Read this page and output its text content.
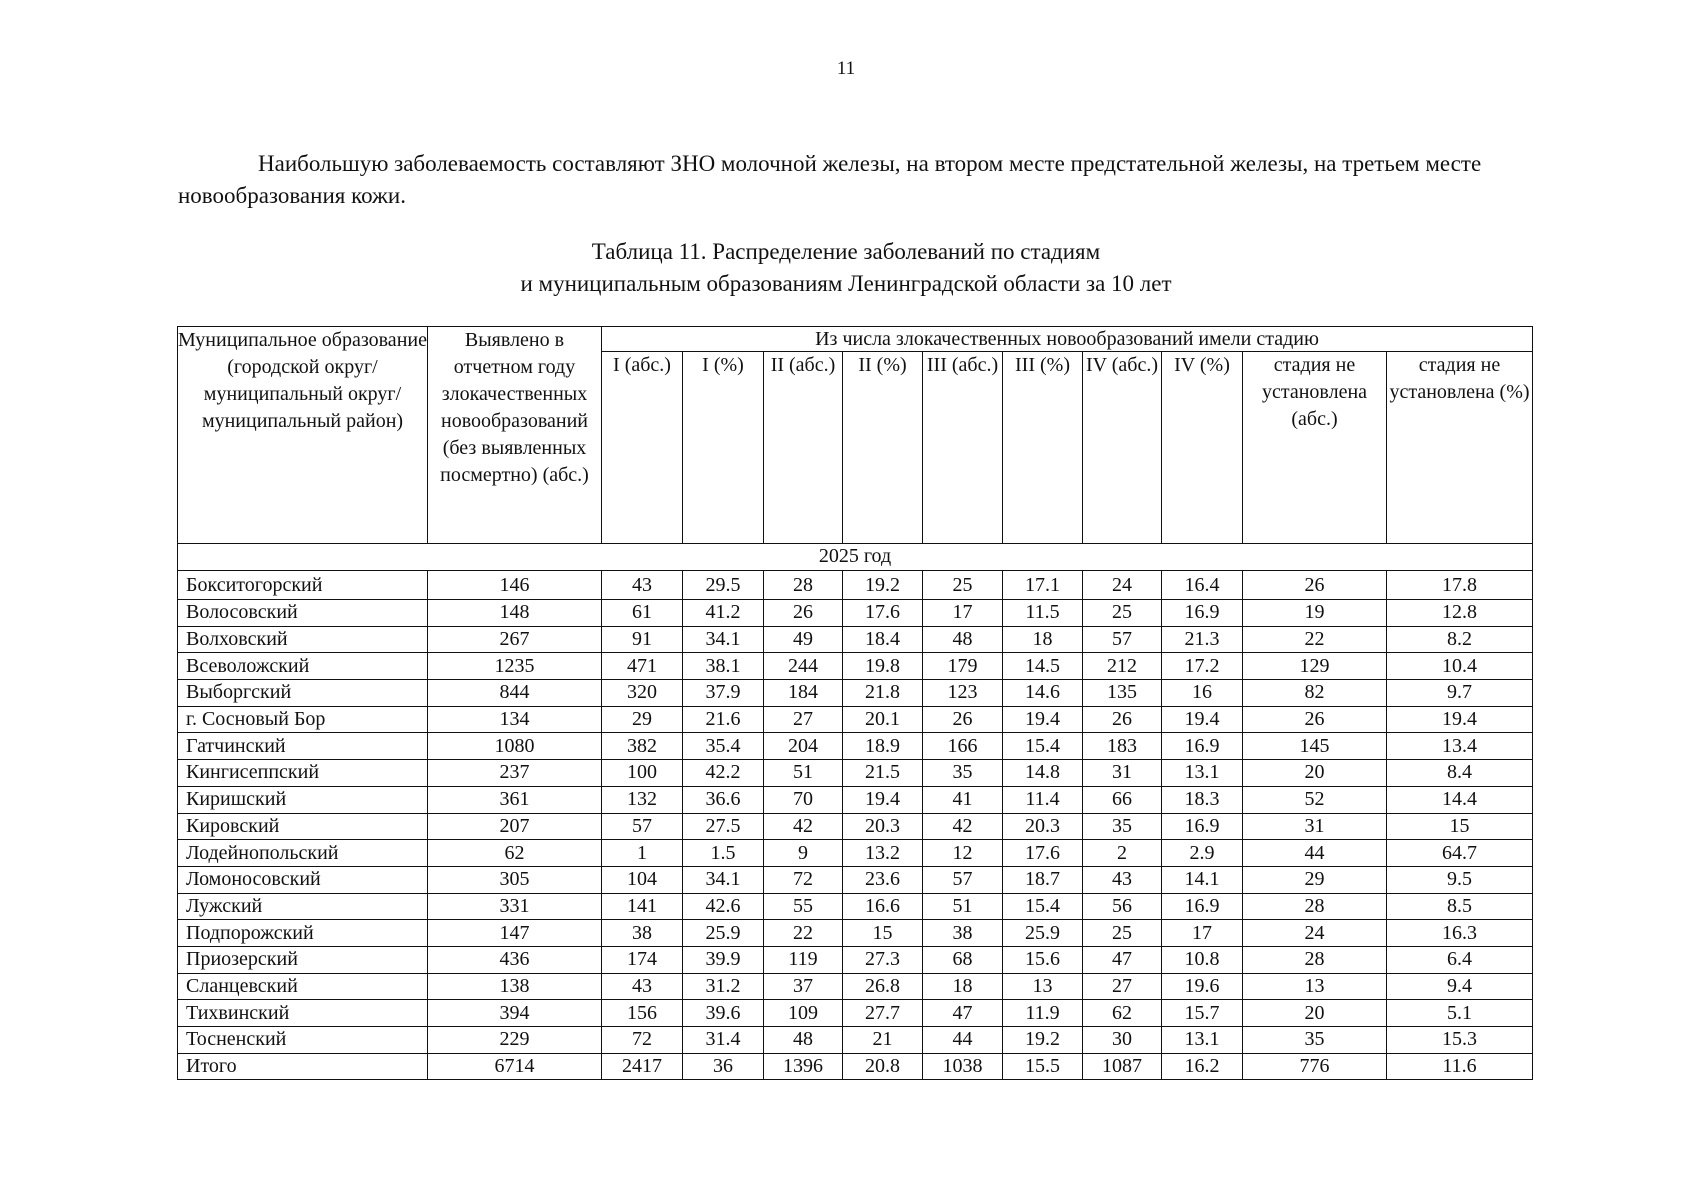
11

Наибольшую заболеваемость составляют ЗНО молочной железы, на втором месте предстательной железы, на третьем месте новообразования кожи.

Таблица 11. Распределение заболеваний по стадиям
и муниципальным образованиям Ленинградской области за 10 лет
Муниципальное образование (городской округ/ муниципальный округ/ муниципальный район)	Выявлено в отчетном году злокачественных новообразований (без выявленных посмертно) (абс.)	Из числа злокачественных новообразований имели стадию									
		I (абс.)	I (%)	II (абс.)	II (%)	III (абс.)	III (%)	IV (абс.)	IV (%)	стадия не установлена (абс.)	стадия не установлена (%)
2025 год											
Бокситогорский	146	43	29.5	28	19.2	25	17.1	24	16.4	26	17.8
Волосовский	148	61	41.2	26	17.6	17	11.5	25	16.9	19	12.8
Волховский	267	91	34.1	49	18.4	48	18	57	21.3	22	8.2
Всеволожский	1235	471	38.1	244	19.8	179	14.5	212	17.2	129	10.4
Выборгский	844	320	37.9	184	21.8	123	14.6	135	16	82	9.7
г. Сосновый Бор	134	29	21.6	27	20.1	26	19.4	26	19.4	26	19.4
Гатчинский	1080	382	35.4	204	18.9	166	15.4	183	16.9	145	13.4
Кингисеппский	237	100	42.2	51	21.5	35	14.8	31	13.1	20	8.4
Киришский	361	132	36.6	70	19.4	41	11.4	66	18.3	52	14.4
Кировский	207	57	27.5	42	20.3	42	20.3	35	16.9	31	15
Лодейнопольский	62	1	1.5	9	13.2	12	17.6	2	2.9	44	64.7
Ломоносовский	305	104	34.1	72	23.6	57	18.7	43	14.1	29	9.5
Лужский	331	141	42.6	55	16.6	51	15.4	56	16.9	28	8.5
Подпорожский	147	38	25.9	22	15	38	25.9	25	17	24	16.3
Приозерский	436	174	39.9	119	27.3	68	15.6	47	10.8	28	6.4
Сланцевский	138	43	31.2	37	26.8	18	13	27	19.6	13	9.4
Тихвинский	394	156	39.6	109	27.7	47	11.9	62	15.7	20	5.1
Тосненский	229	72	31.4	48	21	44	19.2	30	13.1	35	15.3
Итого	6714	2417	36	1396	20.8	1038	15.5	1087	16.2	776	11.6
